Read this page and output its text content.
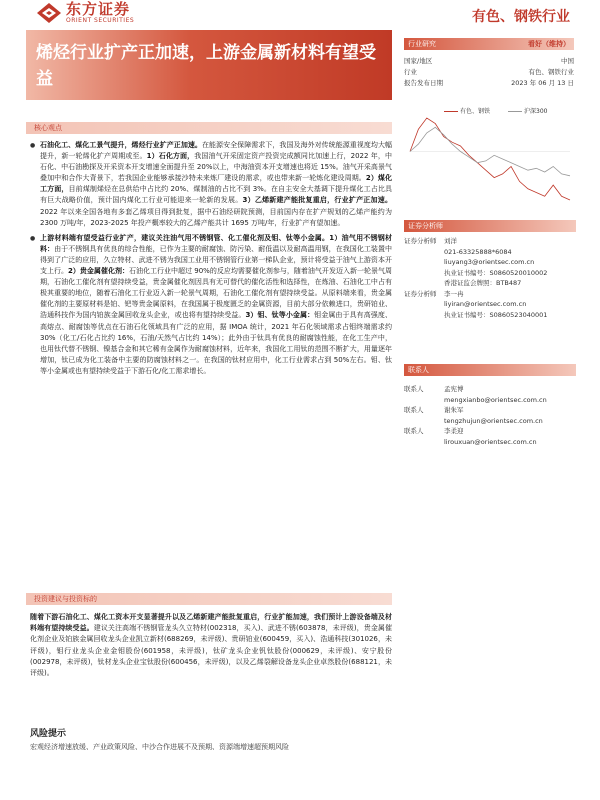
东方证券
ORIENT SECURITIES	有色、钢铁行业
烯烃行业扩产正加速，上游金属新材料有望受益
行业研究	看好（维持）
国家/地区	中国
行业	有色、钢铁行业
报告发布日期	2023 年 06 月 13 日
有色、钢铁	沪深300
证券分析师
证券分析师	刘洋
021-63325888*6084
liuyang3@orientsec.com.cn
执业证书编号：S0860520010002
香港证监会牌照：BTB487
证券分析师	李一冉
liyiran@orientsec.com.cn
执业证书编号：S0860523040001
联系人
联系人	孟宪博
mengxianbo@orientsec.com.cn
联系人	谢朱军
tengzhujun@orientsec.com.cn
联系人	李柔迎
lirouxuan@orientsec.com.cn
核心观点

● 石油化工、煤化工景气提升，烯烃行业扩产正加速。在能源安全保障需求下，我国及海外对传统能源重视度均大幅提升，新一轮烯化扩产周期或至。1）石化方面，我国油气开采固定资产投资完成额同比加速上行，2022 年，中石化、中石油勘探及开采资本开支增速全面提升至 20%以上，中海油资本开支增速也将近 15%。油气开采高景气叠加中和合作大背景下，若我国企业能够承接沙特未来炼厂建设的需求，或也带来新一轮炼化建设周期。2）煤化工方面，目前煤制烯烃在总供给中占比约 20%、煤制油的占比不到 3%。在自主安全大基调下提升煤化工占比具有巨大战略价值，预计国内煤化工行业可能迎来一轮新的发展。3）乙烯新建产能批复重启，行业扩产正加速。2022 年以来全国各地有多套乙烯项目得到批复，据中石油经研院预测，目前国内存在扩产规划的乙烯产能约为 2300 万吨/年，2023-2025 年投产概率较大的乙烯产能共计 1695 万吨/年，行业扩产有望加速。

● 上游材料端有望受益行业扩产，建议关注油气用不锈钢管、化工催化剂及钼、钛等小金属。1）油气用不锈钢材料：由于不锈钢具有优良的综合性能，已作为主要的耐腐蚀、防污染、耐低温以及耐高温用钢，在我国化工装置中得到了广泛的应用，久立特材、武进不锈为我国工业用不锈钢管行业第一梯队企业，预计将受益于油气上游资本开支上行。2）贵金属催化剂：石油化工行业中超过 90%的反应均需要催化剂参与，随着油气开发迈入新一轮景气周期，石油化工催化剂有望持续受益，贵金属催化剂因具有无可替代的催化活性和选择性，在炼油、石油化工中占有极其重要的地位，随着石油化工行业迈入新一轮景气周期，石油化工催化剂有望持续受益。从原料端来看，贵金属催化剂的主要原材料是铂、钯等贵金属原料，在我国属于极度匮乏的金属资源，目前大部分依赖进口，贵研铂业、浩通科技作为国内铂族金属回收龙头企业，或也将有望持续受益。3）钼、钛等小金属：钼金属由于具有高强度、高熔点、耐腐蚀等优点在石油石化领域具有广泛的应用，据 IMOA 统计，2021 年石化领域需求占钼终端需求约 30%（化工/石化占比约 16%，石油/天然气占比约 14%）；此外由于钛具有优良的耐腐蚀性能，在化工生产中，也用钛代替不锈钢、镍基合金和其它稀有金属作为耐腐蚀材料，近年来，我国化工用钛的范围不断扩大，用量逐年增加，钛已成为化工装备中主要的防腐蚀材料之一。在我国的钛材应用中，化工行业需求占到 50%左右。钼、钛等小金属或也有望持续受益于下游石化/化工需求增长。

投资建议与投资标的
随着下游石油化工、煤化工资本开支显著提升以及乙烯新建产能批复重启，行业扩能加速，我们预计上游设备端及材料端有望持续受益。建议关注高端不锈钢管龙头久立特材(002318，买入)、武进不锈(603878，未评级)，贵金属催化剂企业及铂族金属回收龙头企业凯立新材(688269，未评级)、贵研铂业(600459，买入)、浩通科技(301026，未评级)，钼行业龙头企业金钼股份(601958，未评级)，钛矿龙头企业钒钛股份(000629，未评级)、安宁股份(002978，未评级)，钛材龙头企业宝钛股份(600456，未评级)，以及乙烯裂解设备龙头企业卓然股份(688121，未评级)。
风险提示
宏观经济增速放缓、产业政策风险、中沙合作进展不及预期、资源端增速超预期风险
